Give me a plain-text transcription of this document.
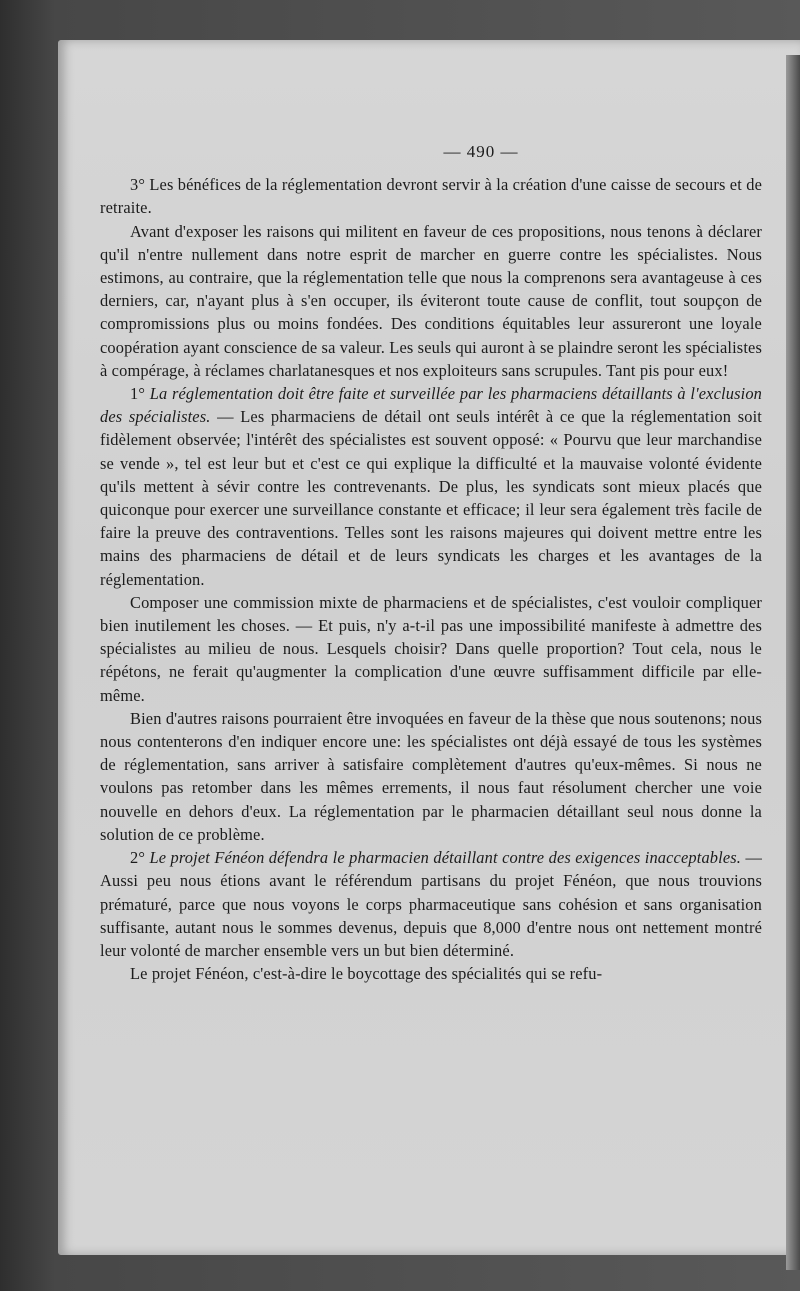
— 490 —

3° Les bénéfices de la réglementation devront servir à la création d'une caisse de secours et de retraite.

Avant d'exposer les raisons qui militent en faveur de ces propositions, nous tenons à déclarer qu'il n'entre nullement dans notre esprit de marcher en guerre contre les spécialistes. Nous estimons, au contraire, que la réglementation telle que nous la comprenons sera avantageuse à ces derniers, car, n'ayant plus à s'en occuper, ils éviteront toute cause de conflit, tout soupçon de compromissions plus ou moins fondées. Des conditions équitables leur assureront une loyale coopération ayant conscience de sa valeur. Les seuls qui auront à se plaindre seront les spécialistes à compérage, à réclames charlatanesques et nos exploiteurs sans scrupules. Tant pis pour eux!

1° La réglementation doit être faite et surveillée par les pharmaciens détaillants à l'exclusion des spécialistes. — Les pharmaciens de détail ont seuls intérêt à ce que la réglementation soit fidèlement observée; l'intérêt des spécialistes est souvent opposé: « Pourvu que leur marchandise se vende », tel est leur but et c'est ce qui explique la difficulté et la mauvaise volonté évidente qu'ils mettent à sévir contre les contrevenants. De plus, les syndicats sont mieux placés que quiconque pour exercer une surveillance constante et efficace; il leur sera également très facile de faire la preuve des contraventions. Telles sont les raisons majeures qui doivent mettre entre les mains des pharmaciens de détail et de leurs syndicats les charges et les avantages de la réglementation.

Composer une commission mixte de pharmaciens et de spécialistes, c'est vouloir compliquer bien inutilement les choses. — Et puis, n'y a-t-il pas une impossibilité manifeste à admettre des spécialistes au milieu de nous. Lesquels choisir? Dans quelle proportion? Tout cela, nous le répétons, ne ferait qu'augmenter la complication d'une œuvre suffisamment difficile par elle-même.

Bien d'autres raisons pourraient être invoquées en faveur de la thèse que nous soutenons; nous nous contenterons d'en indiquer encore une: les spécialistes ont déjà essayé de tous les systèmes de réglementation, sans arriver à satisfaire complètement d'autres qu'eux-mêmes. Si nous ne voulons pas retomber dans les mêmes errements, il nous faut résolument chercher une voie nouvelle en dehors d'eux. La réglementation par le pharmacien détaillant seul nous donne la solution de ce problème.

2° Le projet Fénéon défendra le pharmacien détaillant contre des exigences inacceptables. — Aussi peu nous étions avant le référendum partisans du projet Fénéon, que nous trouvions prématuré, parce que nous voyons le corps pharmaceutique sans cohésion et sans organisation suffisante, autant nous le sommes devenus, depuis que 8,000 d'entre nous ont nettement montré leur volonté de marcher ensemble vers un but bien déterminé.

Le projet Fénéon, c'est-à-dire le boycottage des spécialités qui se refu-
